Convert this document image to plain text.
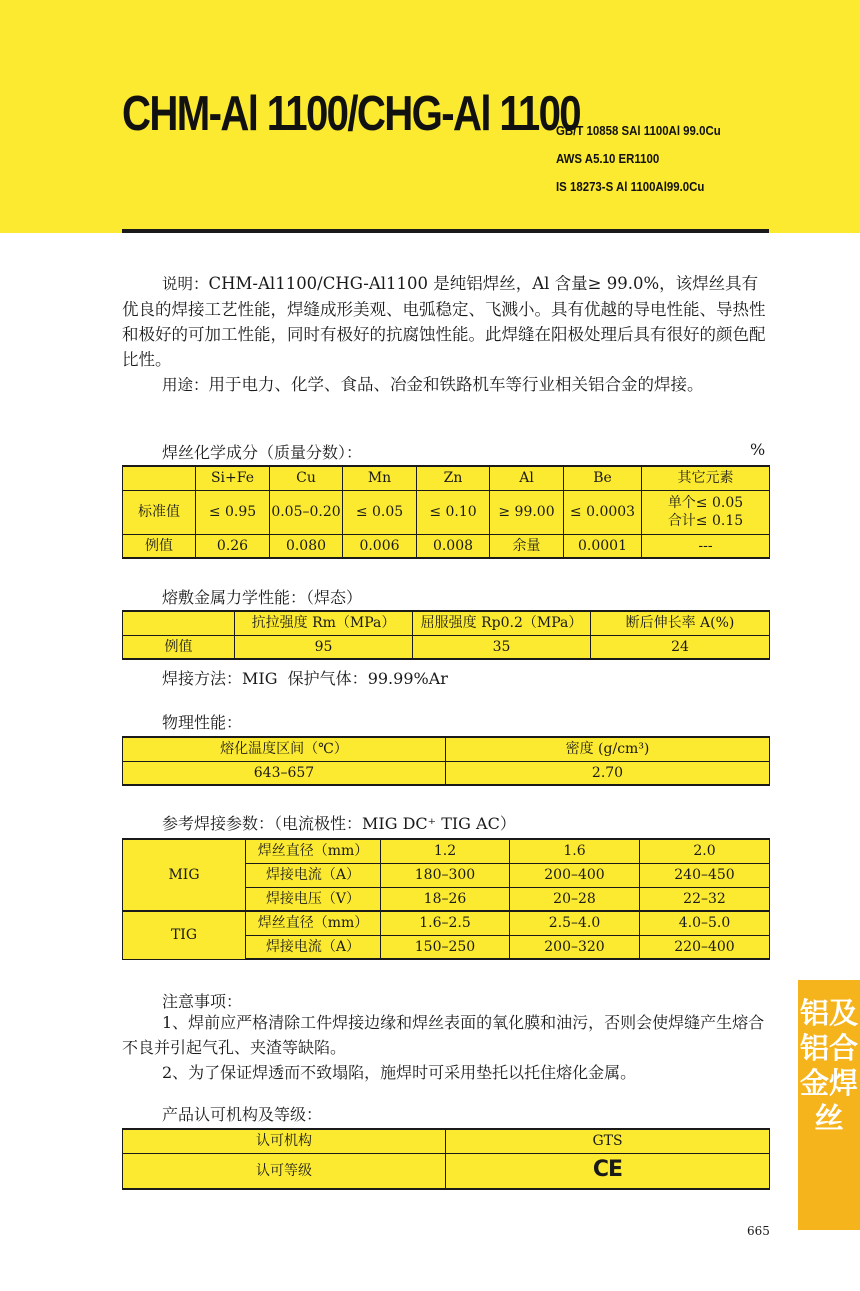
CHM-Al 1100/CHG-Al 1100
GB/T 10858 SAl 1100Al 99.0Cu
AWS A5.10 ER1100
IS 18273-S Al 1100Al99.0Cu

说明：CHM-Al1100/CHG-Al1100 是纯铝焊丝，Al 含量≥ 99.0%，该焊丝具有优良的焊接工艺性能，焊缝成形美观、电弧稳定、飞溅小。具有优越的导电性能、导热性和极好的可加工性能，同时有极好的抗腐蚀性能。此焊缝在阳极处理后具有很好的颜色配比性。

用途：用于电力、化学、食品、冶金和铁路机车等行业相关铝合金的焊接。

焊丝化学成分（质量分数）：	%
	Si+Fe	Cu	Mn	Zn	Al	Be	其它元素
标准值	≤ 0.95	0.05–0.20	≤ 0.05	≤ 0.10	≥ 99.00	≤ 0.0003	单个≤ 0.05
合计≤ 0.15

例值	0.26	0.080	0.006	0.008	余量	0.0001	---
熔敷金属力学性能：（焊态）
	抗拉强度 Rm（MPa）	屈服强度 Rp0.2（MPa）	断后伸长率 A(%)
例值	95	35	24
焊接方法：MIG 保护气体：99.99%Ar
物理性能：
熔化温度区间（℃）	密度 (g/cm³)
643–657	2.70
参考焊接参数：（电流极性：MIG DC⁺ TIG AC）
MIG	焊丝直径（mm）	1.2	1.6	2.0
	焊接电流（A）	180–300	200–400	240–450
	焊接电压（V）	18–26	20–28	22–32
TIG	焊丝直径（mm）	1.6–2.5	2.5–4.0	4.0–5.0
	焊接电流（A）	150–250	200–320	220–400
注意事项：
1、焊前应严格清除工件焊接边缘和焊丝表面的氧化膜和油污，否则会使焊缝产生熔合不良并引起气孔、夹渣等缺陷。
2、为了保证焊透而不致塌陷，施焊时可采用垫托以托住熔化金属。
产品认可机构及等级：
认可机构	GTS
认可等级	CE
铝及铝合金焊丝
665
